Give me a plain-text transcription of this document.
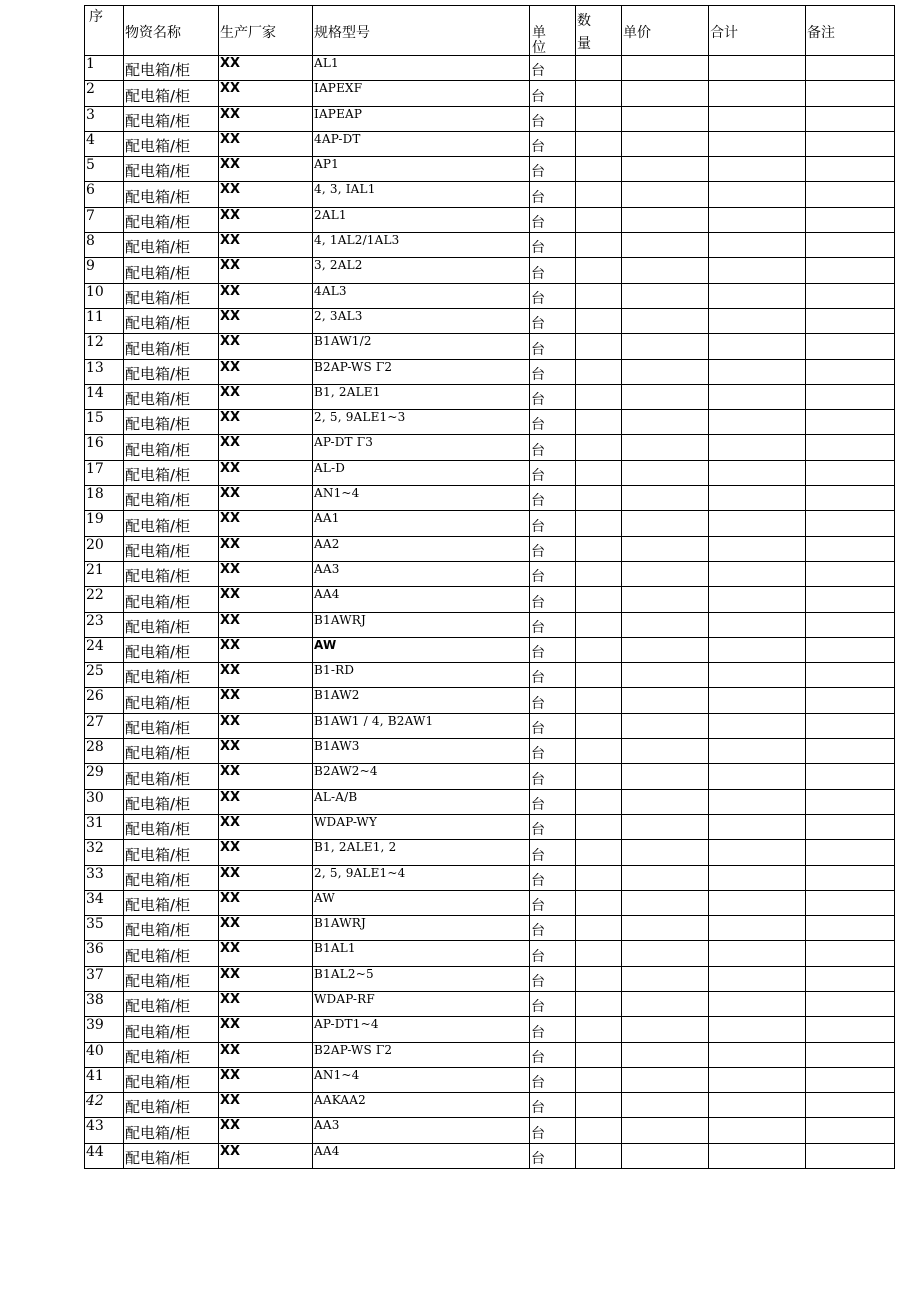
序	物资名称	生产厂家	规格型号	单位	数量	单价	合计	备注

1	配电箱/柜	XX	AL1	台				
2	配电箱/柜	XX	IAPEXF	台				
3	配电箱/柜	XX	IAPEAP	台				
4	配电箱/柜	XX	4AP-DT	台				
5	配电箱/柜	XX	AP1	台				
6	配电箱/柜	XX	4, 3, IAL1	台				
7	配电箱/柜	XX	2AL1	台				
8	配电箱/柜	XX	4, 1AL2/1AL3	台				
9	配电箱/柜	XX	3, 2AL2	台				
10	配电箱/柜	XX	4AL3	台				
11	配电箱/柜	XX	2, 3AL3	台				
12	配电箱/柜	XX	B1AW1/2	台				
13	配电箱/柜	XX	B2AP-WS Γ2	台				
14	配电箱/柜	XX	B1, 2ALE1	台				
15	配电箱/柜	XX	2, 5, 9ALE1~3	台				
16	配电箱/柜	XX	AP-DT Γ3	台				
17	配电箱/柜	XX	AL-D	台				
18	配电箱/柜	XX	AN1~4	台				
19	配电箱/柜	XX	AA1	台				
20	配电箱/柜	XX	AA2	台				
21	配电箱/柜	XX	AA3	台				
22	配电箱/柜	XX	AA4	台				
23	配电箱/柜	XX	B1AWRJ	台				
24	配电箱/柜	XX	AW	台				
25	配电箱/柜	XX	B1-RD	台				
26	配电箱/柜	XX	B1AW2	台				
27	配电箱/柜	XX	B1AW1 / 4, B2AW1	台				
28	配电箱/柜	XX	B1AW3	台				
29	配电箱/柜	XX	B2AW2~4	台				
30	配电箱/柜	XX	AL-A/B	台				
31	配电箱/柜	XX	WDAP-WY	台				
32	配电箱/柜	XX	B1, 2ALE1, 2	台				
33	配电箱/柜	XX	2, 5, 9ALE1~4	台				
34	配电箱/柜	XX	AW	台				
35	配电箱/柜	XX	B1AWRJ	台				
36	配电箱/柜	XX	B1AL1	台				
37	配电箱/柜	XX	B1AL2~5	台				
38	配电箱/柜	XX	WDAP-RF	台				
39	配电箱/柜	XX	AP-DT1~4	台				
40	配电箱/柜	XX	B2AP-WS Γ2	台				
41	配电箱/柜	XX	AN1~4	台				
42	配电箱/柜	XX	AAKAA2	台				
43	配电箱/柜	XX	AA3	台				
44	配电箱/柜	XX	AA4	台				
